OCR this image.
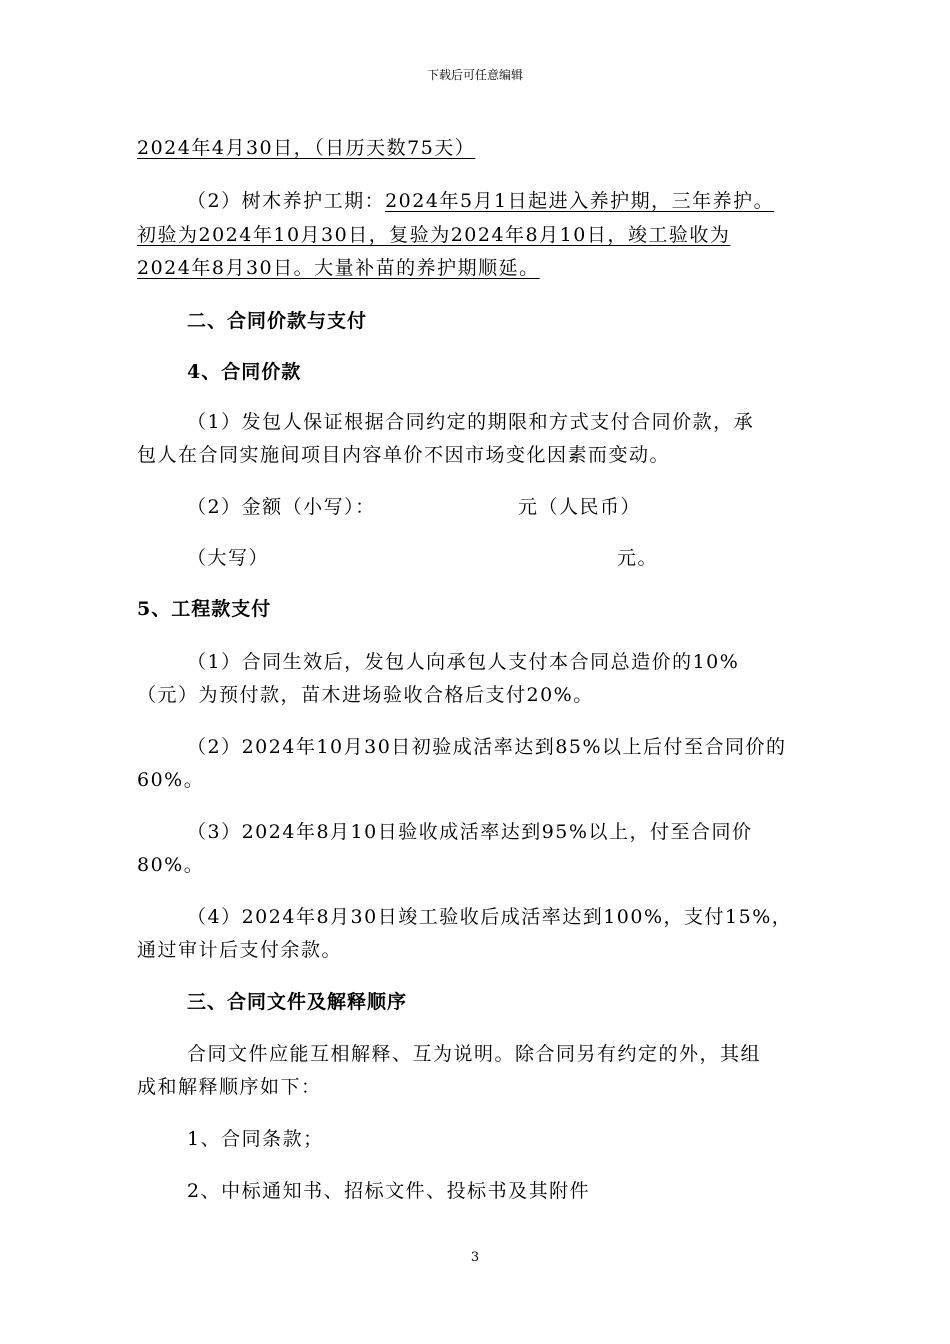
下载后可任意编辑
2024年4月30日，（日历天数75天）
（2）树木养护工期：2024年5月1日起进入养护期，三年养护。
初验为2024年10月30日，复验为2024年8月10日，竣工验收为
2024年8月30日。大量补苗的养护期顺延。
二、合同价款与支付
4、合同价款
（1）发包人保证根据合同约定的期限和方式支付合同价款，承
包人在合同实施间项目内容单价不因市场变化因素而变动。
（2）金额（小写）：	元（人民币）
（大写）	元。
5、工程款支付
（1）合同生效后，发包人向承包人支付本合同总造价的10%
（元）为预付款，苗木进场验收合格后支付20%。
（2）2024年10月30日初验成活率达到85%以上后付至合同价的
60%。
（3）2024年8月10日验收成活率达到95%以上，付至合同价
80%。
（4）2024年8月30日竣工验收后成活率达到100%，支付15%，
通过审计后支付余款。
三、合同文件及解释顺序
合同文件应能互相解释、互为说明。除合同另有约定的外，其组
成和解释顺序如下：
1、合同条款；
2、中标通知书、招标文件、投标书及其附件
3
